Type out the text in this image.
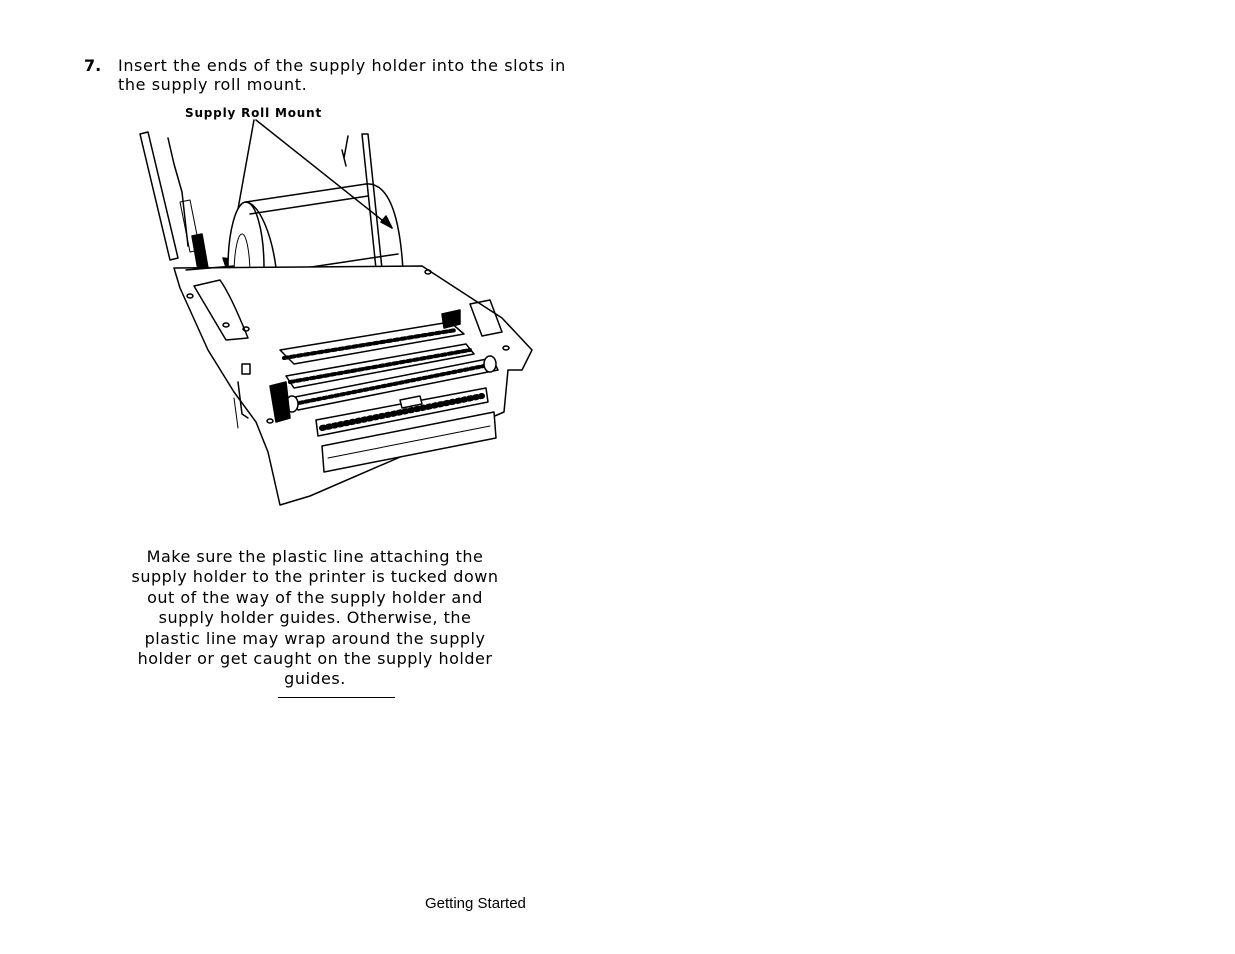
7. Insert the ends of the supply holder into the slots in the supply roll mount.
Supply Roll Mount
Make sure the plastic line attaching the supply holder to the printer is tucked down out of the way of the supply holder and supply holder guides. Otherwise, the plastic line may wrap around the supply holder or get caught on the supply holder guides.
Getting Started
